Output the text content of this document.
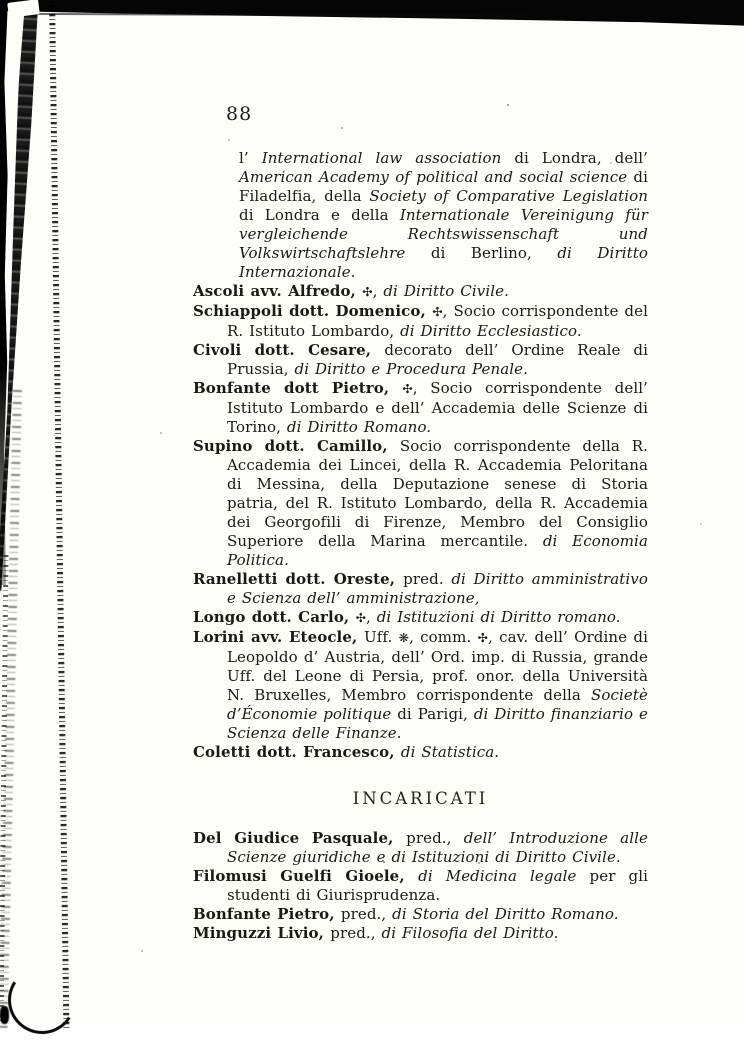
88

l’ International law association di Londra, dell’ American Academy of political and social science di Filadelfia, della Society of Comparative Legislation di Londra e della Internationale Vereinigung für vergleichende Rechtswissenschaft und Volkswirtschaftslehre di Berlino, di Diritto Internazionale.

Ascoli avv. Alfredo, ✣, di Diritto Civile.

Schiappoli dott. Domenico, ✣, Socio corrispondente del R. Istituto Lombardo, di Diritto Ecclesiastico.

Civoli dott. Cesare, decorato dell’ Ordine Reale di Prussia, di Diritto e Procedura Penale.

Bonfante dott Pietro, ✣, Socio corrispondente dell’ Istituto Lombardo e dell’ Accademia delle Scienze di Torino, di Diritto Romano.

Supino dott. Camillo, Socio corrispondente della R. Accademia dei Lincei, della R. Accademia Peloritana di Messina, della Deputazione senese di Storia patria, del R. Istituto Lombardo, della R. Accademia dei Georgofili di Firenze, Membro del Consiglio Superiore della Marina mercantile. di Economia Politica.

Ranelletti dott. Oreste, pred. di Diritto amministrativo e Scienza dell’ amministrazione,

Longo dott. Carlo, ✣, di Istituzioni di Diritto romano.

Lorini avv. Eteocle, Uff. ❋, comm. ✣, cav. dell’ Ordine di Leopoldo d’ Austria, dell’ Ord. imp. di Russia, grande Uff. del Leone di Persia, prof. onor. della Università N. Bruxelles, Membro corrispondente della Societè d’Économie politique di Parigi, di Diritto finanziario e Scienza delle Finanze.

Coletti dott. Francesco, di Statistica.

INCARICATI

Del Giudice Pasquale, pred., dell’ Introduzione alle Scienze giuridiche e di Istituzioni di Diritto Civile.

Filomusi Guelfi Gioele, di Medicina legale per gli studenti di Giurisprudenza.

Bonfante Pietro, pred., di Storia del Diritto Romano.

Minguzzi Livio, pred., di Filosofia del Diritto.
